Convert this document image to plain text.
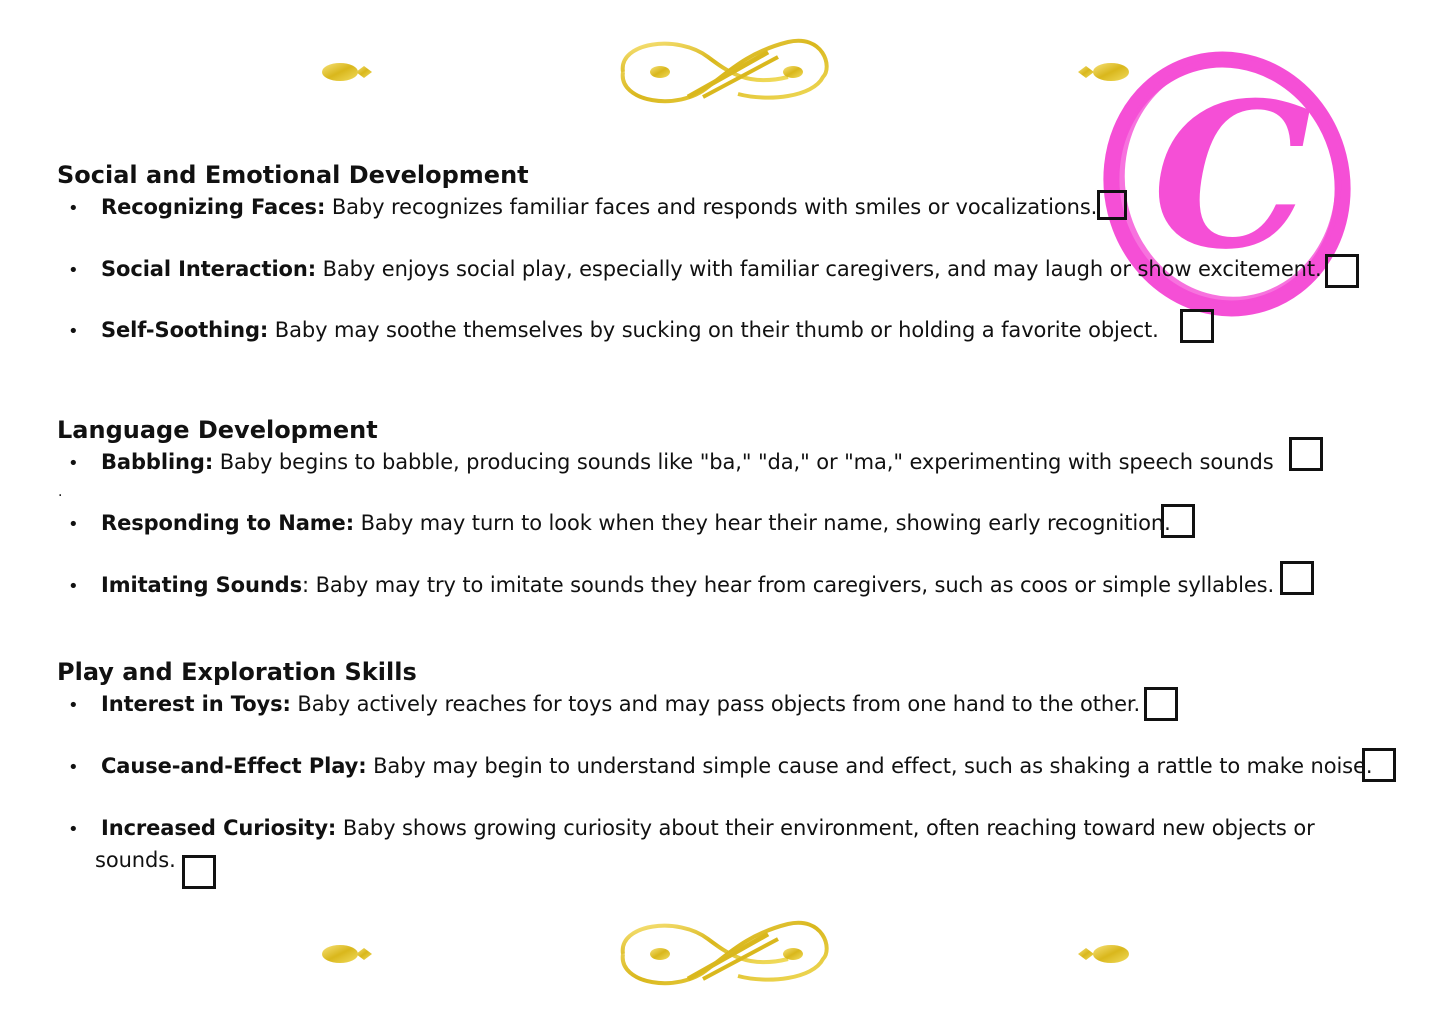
C
Social and Emotional Development
• Recognizing Faces: Baby recognizes familiar faces and responds with smiles or vocalizations.
• Social Interaction: Baby enjoys social play, especially with familiar caregivers, and may laugh or show excitement.
• Self-Soothing: Baby may soothe themselves by sucking on their thumb or holding a favorite object.
Language Development
• Babbling: Baby begins to babble, producing sounds like "ba," "da," or "ma," experimenting with speech sounds
.
• Responding to Name: Baby may turn to look when they hear their name, showing early recognition.
• Imitating Sounds: Baby may try to imitate sounds they hear from caregivers, such as coos or simple syllables.
Play and Exploration Skills
• Interest in Toys: Baby actively reaches for toys and may pass objects from one hand to the other.
• Cause-and-Effect Play: Baby may begin to understand simple cause and effect, such as shaking a rattle to make noise.
• Increased Curiosity: Baby shows growing curiosity about their environment, often reaching toward new objects or
sounds.
